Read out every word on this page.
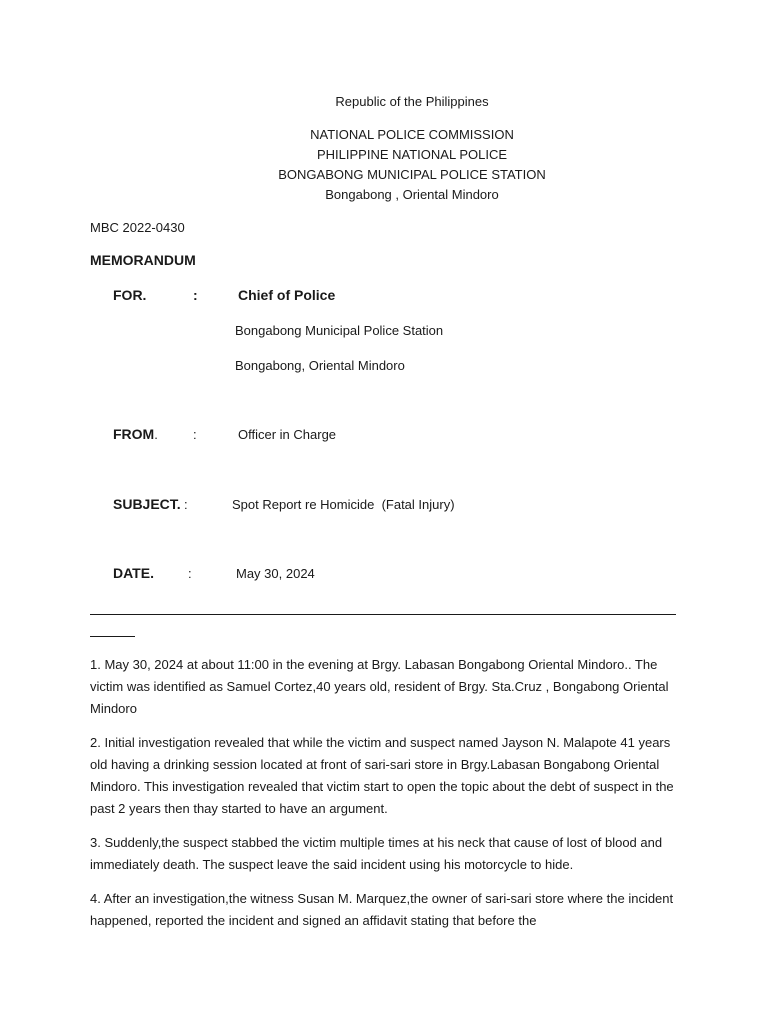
Republic of the Philippines
NATIONAL POLICE COMMISSION
PHILIPPINE NATIONAL POLICE
BONGABONG MUNICIPAL POLICE STATION
Bongabong , Oriental Mindoro
MBC 2022-0430
MEMORANDUM
FOR.	:	Chief of Police
Bongabong Municipal Police Station
Bongabong, Oriental Mindoro
FROM.	:	Officer in Charge
SUBJECT. :	Spot Report re Homicide  (Fatal Injury)
DATE.	:	May 30, 2024
1. May 30, 2024 at about 11:00 in the evening at Brgy. Labasan Bongabong Oriental Mindoro.. The victim was identified as Samuel Cortez,40 years old, resident of Brgy. Sta.Cruz , Bongabong Oriental Mindoro
2. Initial investigation revealed that while the victim and suspect named Jayson N. Malapote 41 years old having a drinking session located at front of sari-sari store in Brgy.Labasan Bongabong Oriental Mindoro. This investigation revealed that victim start to open the topic about the debt of suspect in the past 2 years then thay started to have an argument.
3. Suddenly,the suspect stabbed the victim multiple times at his neck that cause of lost of blood and immediately death. The suspect leave the said incident using his motorcycle to hide.
4. After an investigation,the witness Susan M. Marquez,the owner of sari-sari store where the incident happened, reported the incident and signed an affidavit stating that before the
